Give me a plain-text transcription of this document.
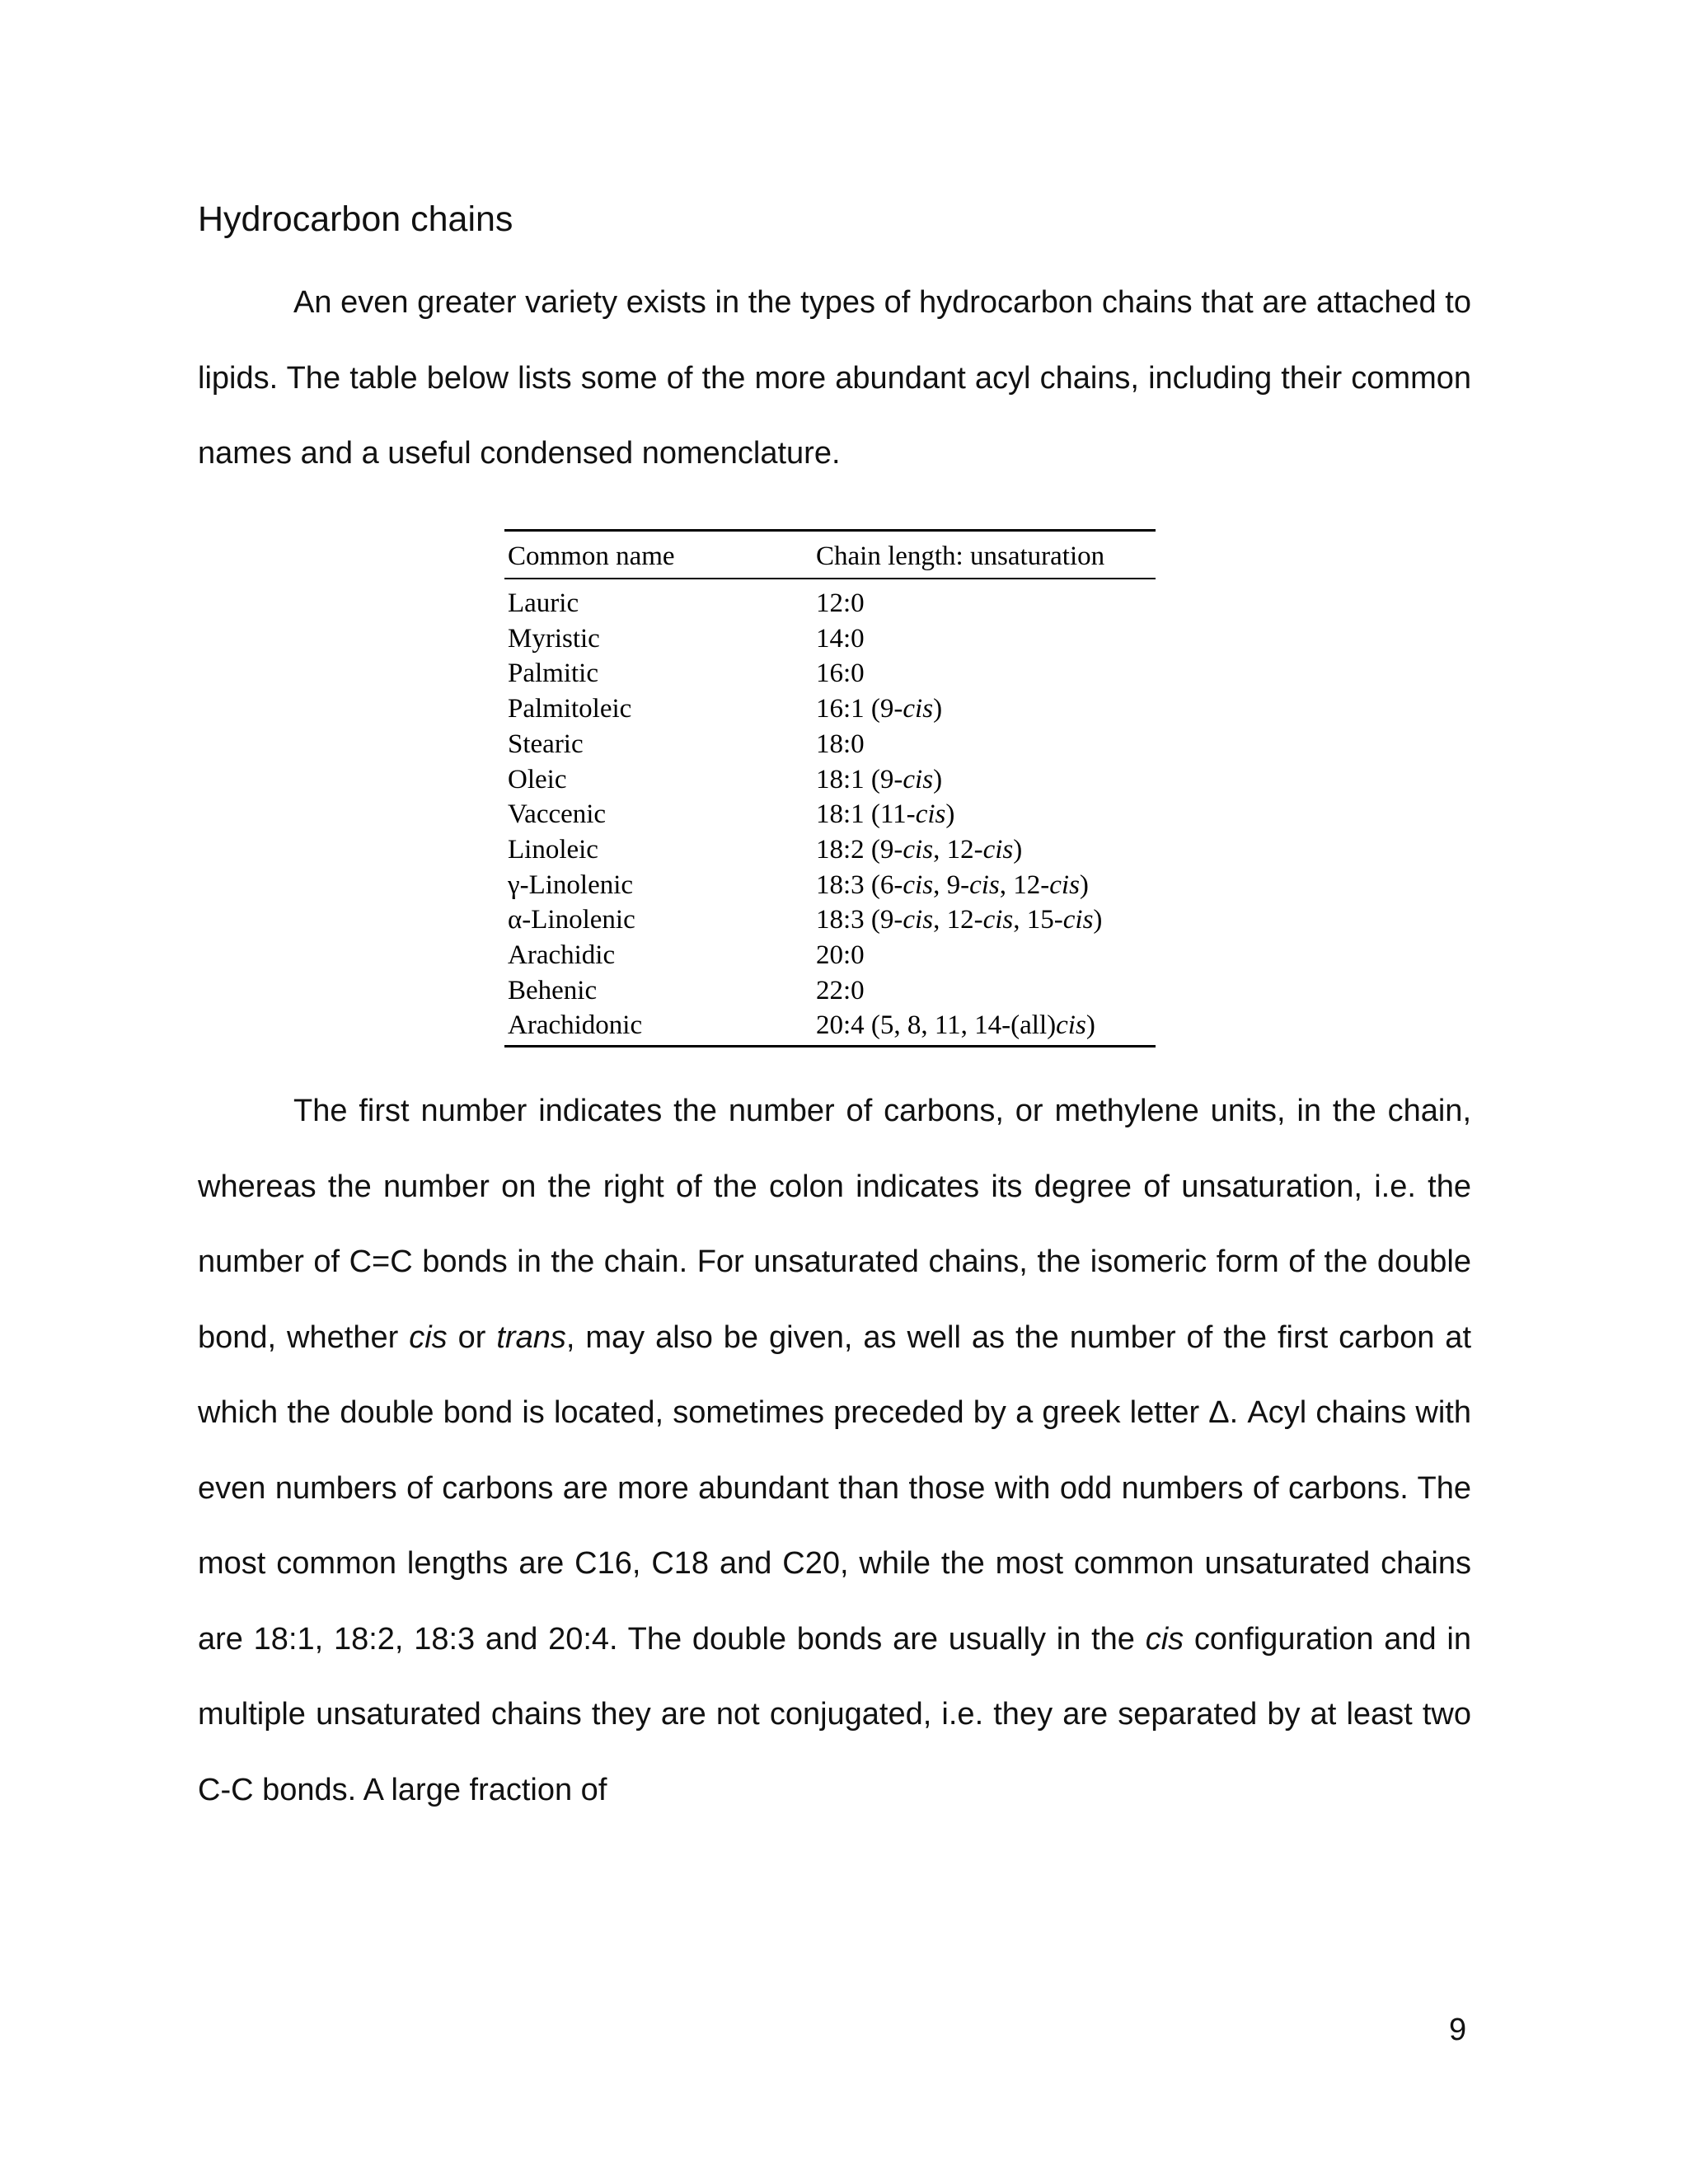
Hydrocarbon chains

An even greater variety exists in the types of hydrocarbon chains that are attached to lipids. The table below lists some of the more abundant acyl chains, including their common names and a useful condensed nomenclature.

Common name	Chain length: unsaturation
Lauric	12:0
Myristic	14:0
Palmitic	16:0
Palmitoleic	16:1 (9-cis)
Stearic	18:0
Oleic	18:1 (9-cis)
Vaccenic	18:1 (11-cis)
Linoleic	18:2 (9-cis, 12-cis)
γ-Linolenic	18:3 (6-cis, 9-cis, 12-cis)
α-Linolenic	18:3 (9-cis, 12-cis, 15-cis)
Arachidic	20:0
Behenic	22:0
Arachidonic	20:4 (5, 8, 11, 14-(all)cis)

The first number indicates the number of carbons, or methylene units, in the chain, whereas the number on the right of the colon indicates its degree of unsaturation, i.e. the number of C=C bonds in the chain. For unsaturated chains, the isomeric form of the double bond, whether cis or trans, may also be given, as well as the number of the first carbon at which the double bond is located, sometimes preceded by a greek letter Δ. Acyl chains with even numbers of carbons are more abundant than those with odd numbers of carbons. The most common lengths are C16, C18 and C20, while the most common unsaturated chains are 18:1, 18:2, 18:3 and 20:4. The double bonds are usually in the cis configuration and in multiple unsaturated chains they are not conjugated, i.e. they are separated by at least two C-C bonds. A large fraction of

9
